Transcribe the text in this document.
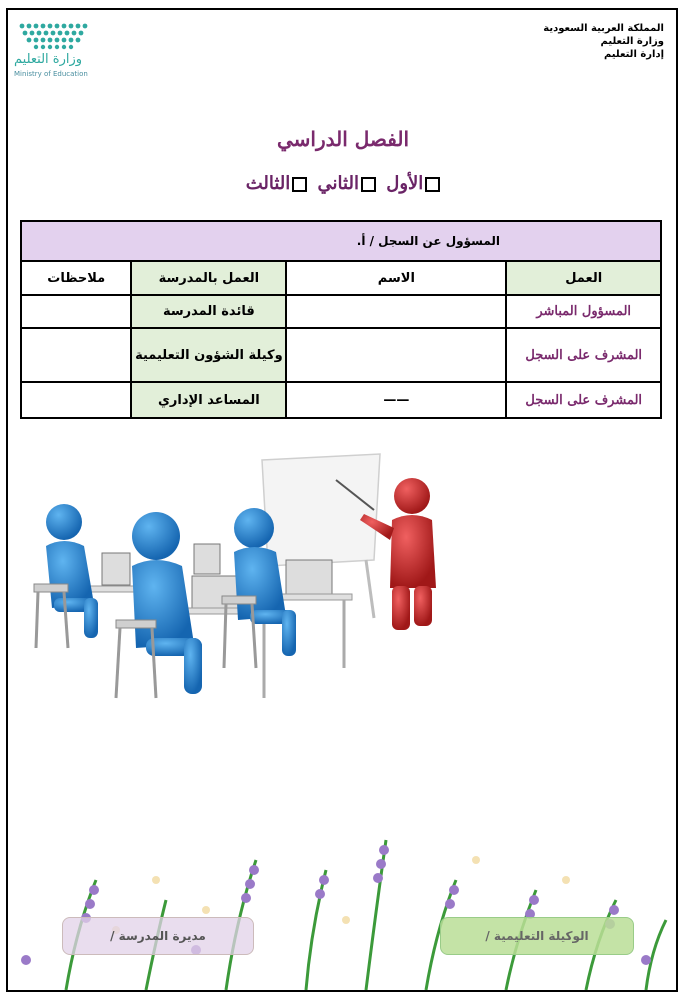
المملكة العربية السعودية
وزارة التعليم
إدارة التعليم
وزارة التعليم
Ministry of Education
الفصل الدراسي
الأول الثاني الثالث
المسؤول عن السجل / أ.			
العمل	الاسم	العمل بالمدرسة	ملاحظات
المسؤول المباشر		قائدة المدرسة	
المشرف على السجل		وكيلة الشؤون التعليمية	
المشرف على السجل	——	المساعد الإداري	
مديرة المدرسة /	الوكيلة التعليمية /
